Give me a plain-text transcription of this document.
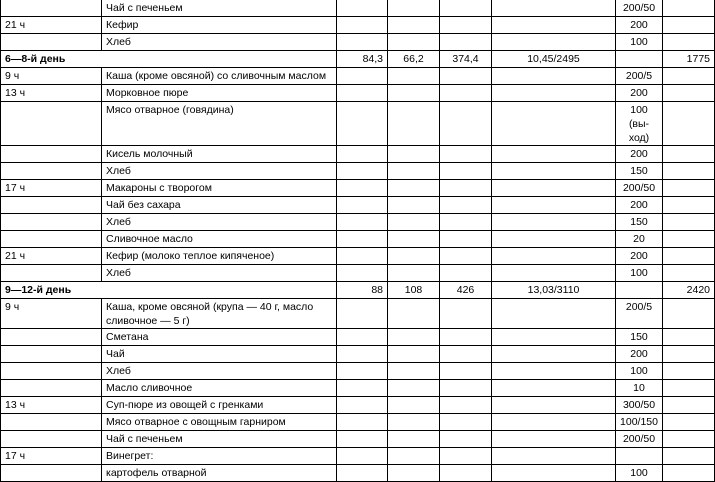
	Чай с печеньем					200/50	
21 ч	Кефир					200	
	Хлеб					100	
6—8-й день		84,3	66,2	374,4	10,45/2495		1775
9 ч	Каша (кроме овсяной) со сливочным маслом					200/5	
13 ч	Морковное пюре					200	
	Мясо отварное (говядина)					100 (вы- ход)	
	Кисель молочный					200	
	Хлеб					150	
17 ч	Макароны с творогом					200/50	
	Чай без сахара					200	
	Хлеб					150	
	Сливочное масло					20	
21 ч	Кефир (молоко теплое кипяченое)					200	
	Хлеб					100	
9—12-й день		88	108	426	13,03/3110		2420
9 ч	Каша, кроме овсяной (крупа — 40 г, масло сливочное — 5 г)					200/5	
	Сметана					150	
	Чай					200	
	Хлеб					100	
	Масло сливочное					10	
13 ч	Суп-пюре из овощей с гренками					300/50	
	Мясо отварное с овощным гарниром					100/150	
	Чай с печеньем					200/50	
17 ч	Винегрет:						
	картофель отварной					100	
